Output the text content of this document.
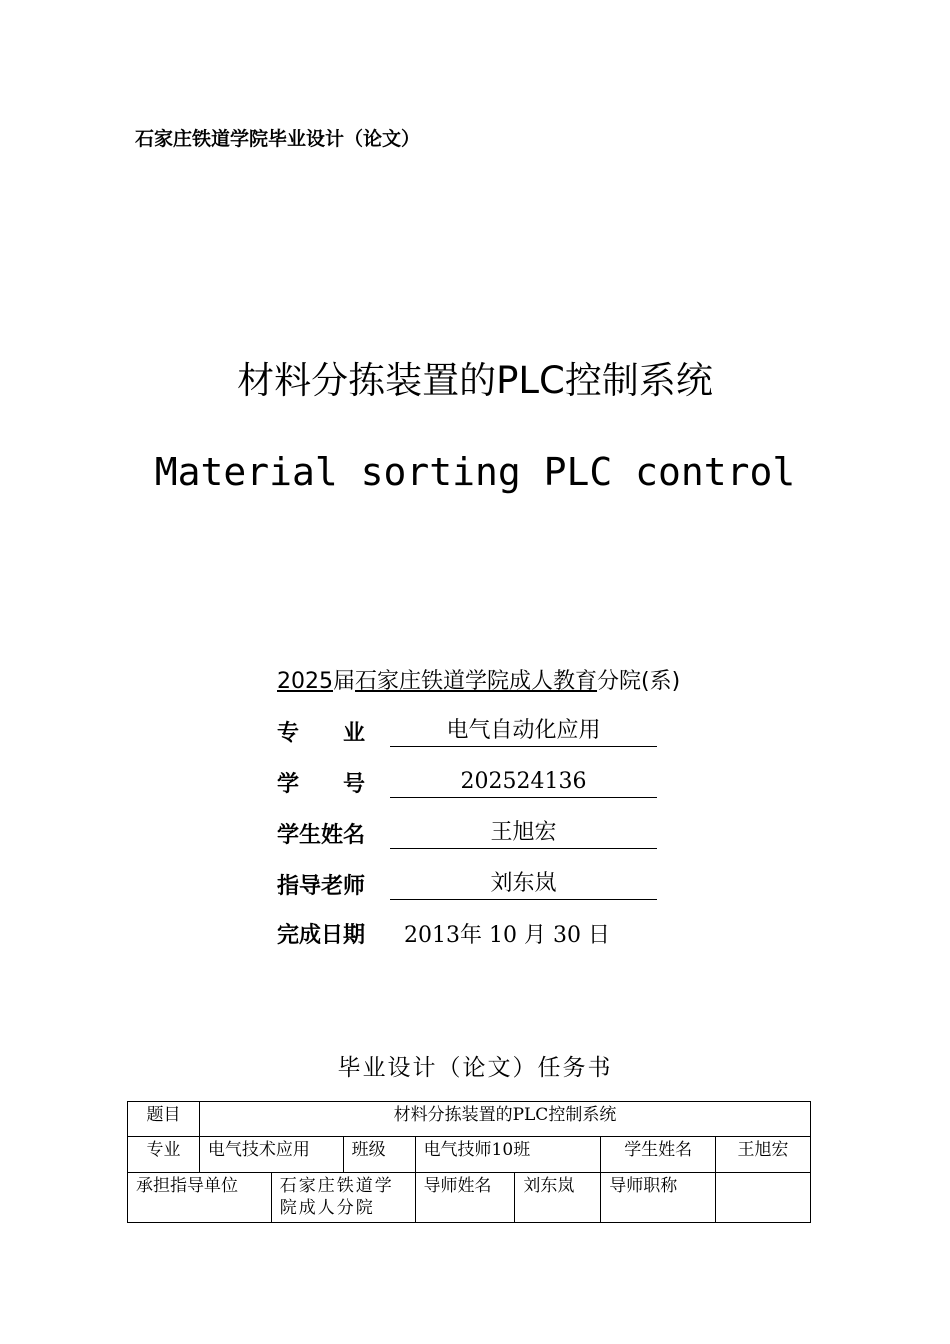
石家庄铁道学院毕业设计（论文）
材料分拣装置的PLC控制系统
Material sorting PLC control
2025届石家庄铁道学院成人教育分院(系)
专　　业	电气自动化应用
学　　号	202524136
学生姓名	王旭宏
指导老师	刘东岚
完成日期 2013年 10 月 30 日
毕业设计（论文）任务书
题目	材料分拣装置的PLC控制系统						
专业	电气技术应用		班级	电气技师10班		学生姓名	王旭宏
承担指导单位		石家庄铁道学院成人分院		导师姓名	刘东岚	导师职称	
